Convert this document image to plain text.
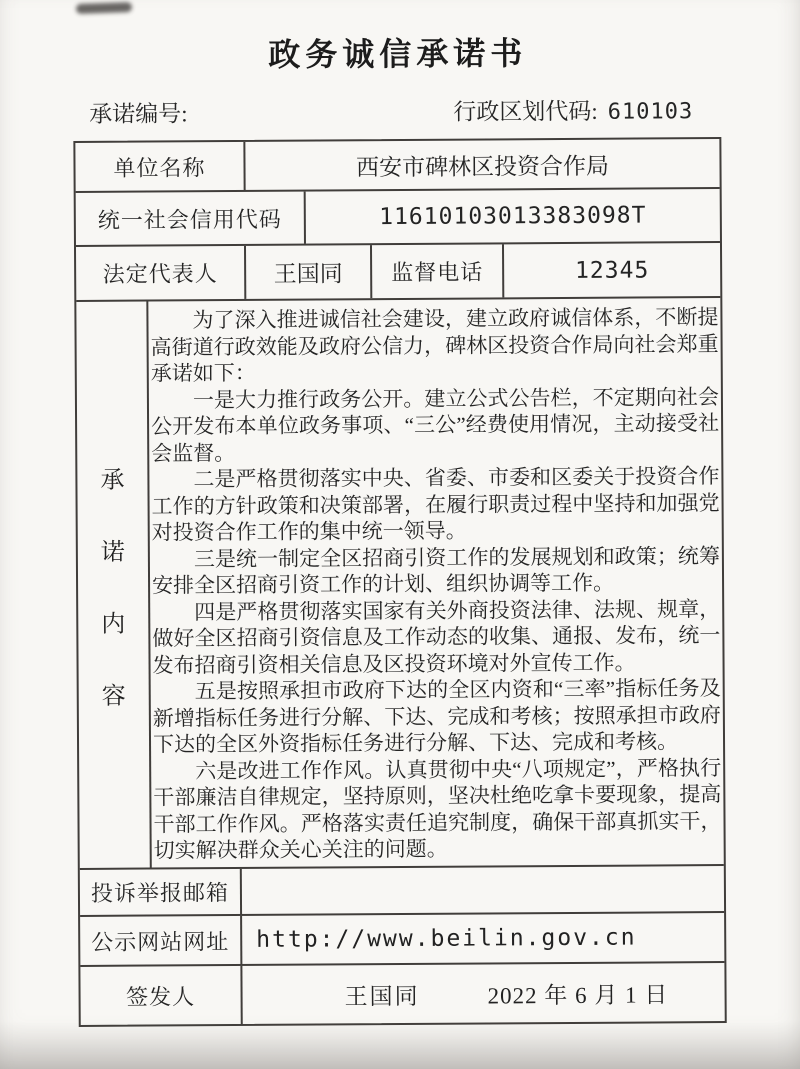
政务诚信承诺书
承诺编号:	行政区划代码: 610103
单位名称	西安市碑林区投资合作局
统一社会信用代码	11610103013383098T
法定代表人	王国同	监督电话	12345
承
诺
内
容

为了深入推进诚信社会建设，建立政府诚信体系，不断提高街道行政效能及政府公信力，碑林区投资合作局向社会郑重承诺如下：

一是大力推行政务公开。建立公式公告栏，不定期向社会公开发布本单位政务事项、“三公”经费使用情况，主动接受社会监督。

二是严格贯彻落实中央、省委、市委和区委关于投资合作工作的方针政策和决策部署，在履行职责过程中坚持和加强党对投资合作工作的集中统一领导。

三是统一制定全区招商引资工作的发展规划和政策；统筹安排全区招商引资工作的计划、组织协调等工作。

四是严格贯彻落实国家有关外商投资法律、法规、规章，做好全区招商引资信息及工作动态的收集、通报、发布，统一发布招商引资相关信息及区投资环境对外宣传工作。

五是按照承担市政府下达的全区内资和“三率”指标任务及新增指标任务进行分解、下达、完成和考核；按照承担市政府下达的全区外资指标任务进行分解、下达、完成和考核。

六是改进工作作风。认真贯彻中央“八项规定”，严格执行干部廉洁自律规定，坚持原则，坚决杜绝吃拿卡要现象，提高干部工作作风。严格落实责任追究制度，确保干部真抓实干，切实解决群众关心关注的问题。

投诉举报邮箱
公示网站网址	http://www.beilin.gov.cn
签发人	王国同	2022 年 6 月 1 日
